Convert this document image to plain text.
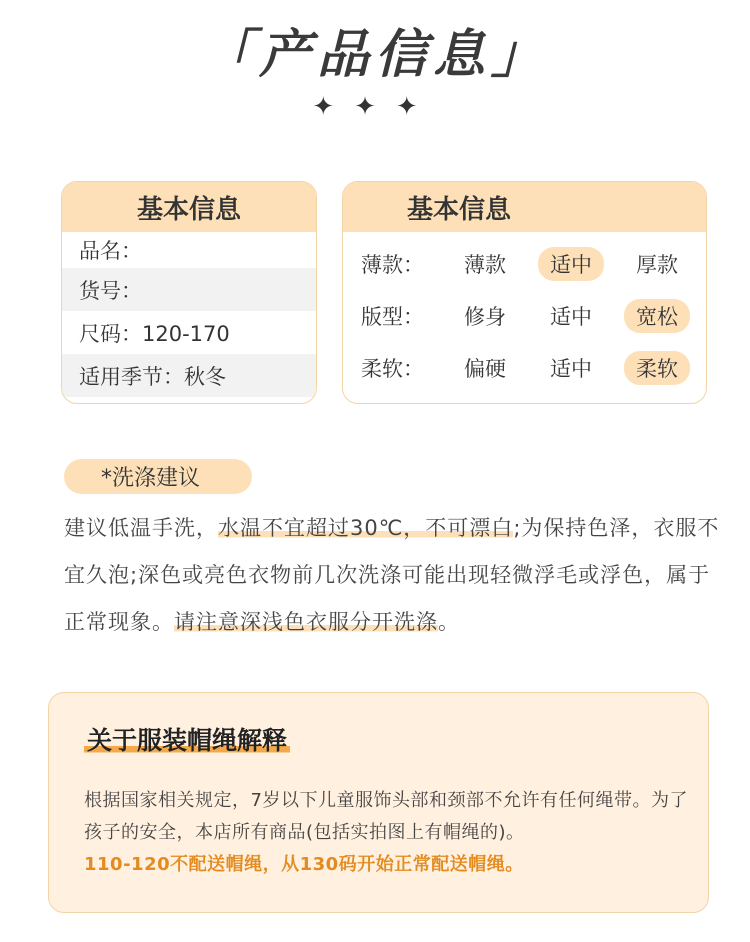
「产品信息」
✦✦✦
基本信息
品名：
货号：
尺码：120-170
适用季节：秋冬
基本信息
薄款：	薄款	适中	厚款
版型：	修身	适中	宽松
柔软：	偏硬	适中	柔软
*洗涤建议
建议低温手洗，水温不宜超过30℃，不可漂白;为保持色泽，衣服不宜久泡;深色或亮色衣物前几次洗涤可能出现轻微浮毛或浮色，属于正常现象。请注意深浅色衣服分开洗涤。
关于服装帽绳解释
根据国家相关规定，7岁以下儿童服饰头部和颈部不允许有任何绳带。为了孩子的安全，本店所有商品(包括实拍图上有帽绳的)。
110-120不配送帽绳，从130码开始正常配送帽绳。
